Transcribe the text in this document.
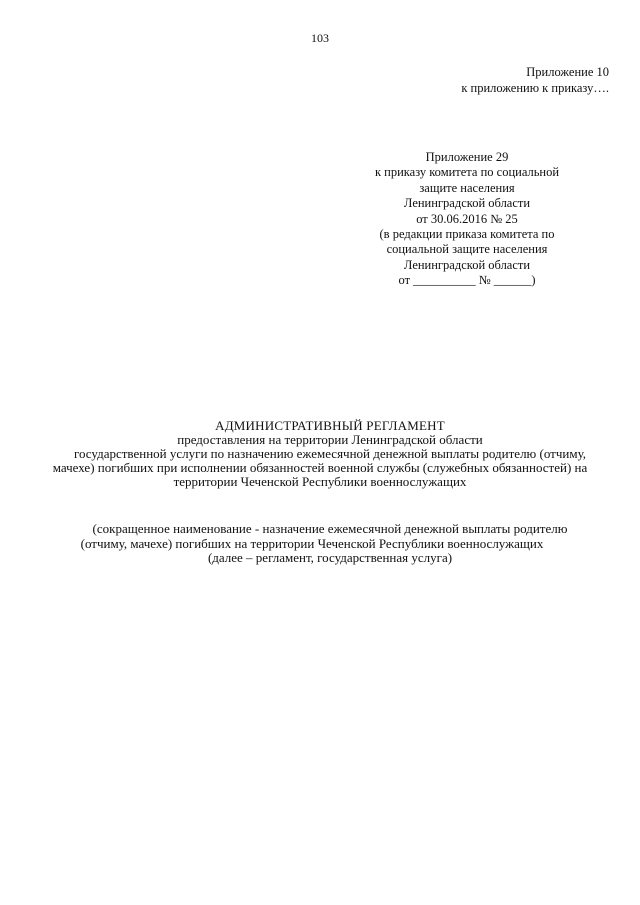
103
Приложение 10
к приложению к приказу….
Приложение 29
к приказу комитета по социальной
защите населения
Ленинградской области
от 30.06.2016 № 25
(в редакции приказа комитета по
социальной защите населения
Ленинградской области
от __________ № ______)
АДМИНИСТРАТИВНЫЙ РЕГЛАМЕНТ
предоставления на территории Ленинградской области
государственной услуги по назначению ежемесячной денежной выплаты родителю (отчиму,
мачехе) погибших при исполнении обязанностей военной службы (служебных обязанностей) на
территории Чеченской Республики военнослужащих
(сокращенное наименование - назначение ежемесячной денежной выплаты родителю
(отчиму, мачехе) погибших на территории Чеченской Республики военнослужащих
(далее – регламент, государственная услуга)
